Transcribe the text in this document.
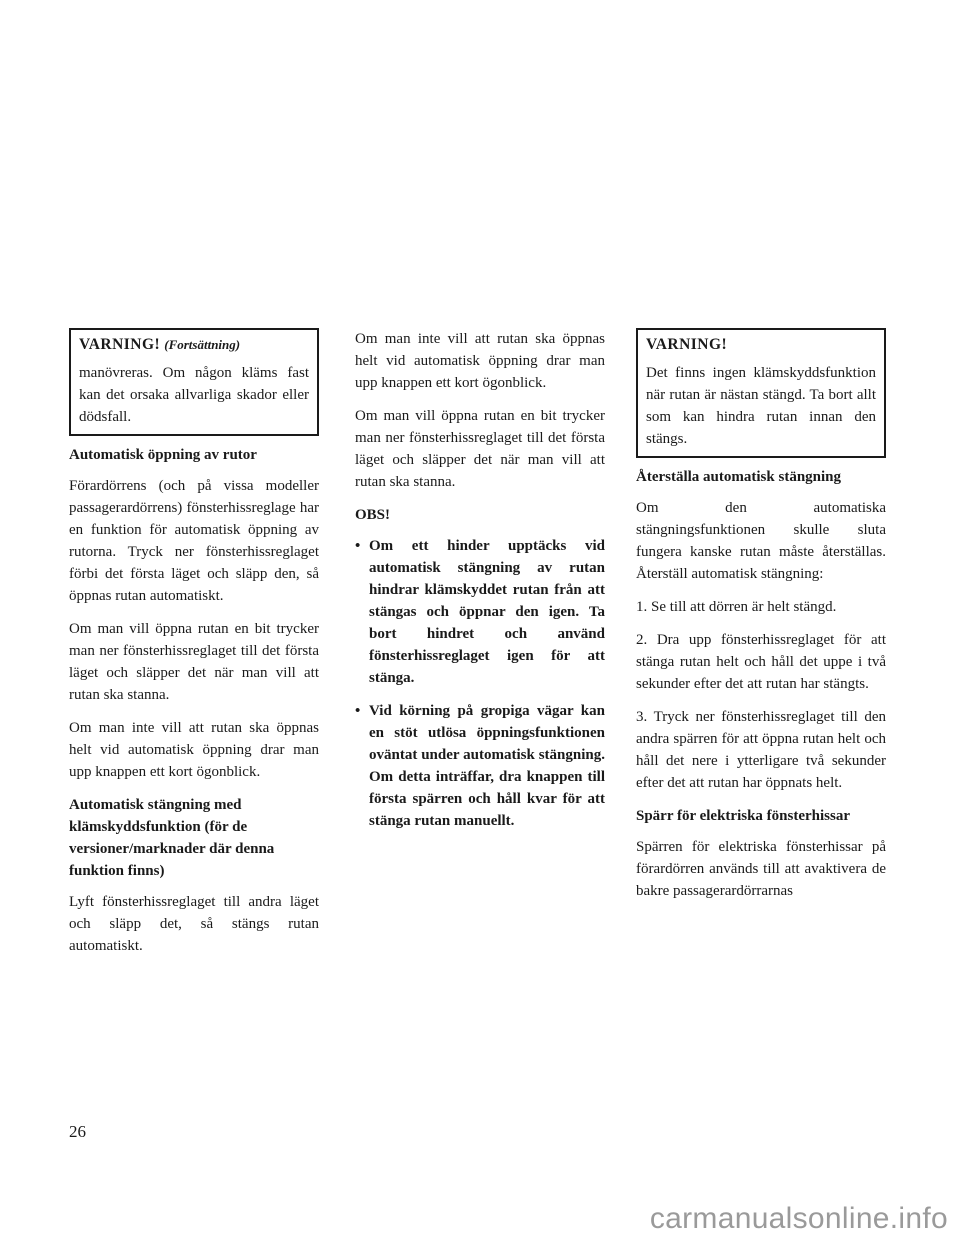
VARNING! (Fortsättning)

manövreras. Om någon kläms fast kan det orsaka allvarliga skador eller dödsfall.

Automatisk öppning av rutor

Förardörrens (och på vissa modeller passagerardörrens) fönsterhissreglage har en funktion för automatisk öppning av rutorna. Tryck ner fönsterhissreglaget förbi det första läget och släpp den, så öppnas rutan automatiskt.

Om man vill öppna rutan en bit trycker man ner fönsterhissreglaget till det första läget och släpper det när man vill att rutan ska stanna.

Om man inte vill att rutan ska öppnas helt vid automatisk öppning drar man upp knappen ett kort ögonblick.

Automatisk stängning med klämskyddsfunktion (för de versioner/marknader där denna funktion finns)

Lyft fönsterhissreglaget till andra läget och släpp det, så stängs rutan automatiskt.

Om man inte vill att rutan ska öppnas helt vid automatisk öppning drar man upp knappen ett kort ögonblick.

Om man vill öppna rutan en bit trycker man ner fönsterhissreglaget till det första läget och släpper det när man vill att rutan ska stanna.

OBS!

• Om ett hinder upptäcks vid automatisk stängning av rutan hindrar klämskyddet rutan från att stängas och öppnar den igen. Ta bort hindret och använd fönsterhissreglaget igen för att stänga.
• Vid körning på gropiga vägar kan en stöt utlösa öppningsfunktionen oväntat under automatisk stängning. Om detta inträffar, dra knappen till första spärren och håll kvar för att stänga rutan manuellt.
VARNING!

Det finns ingen klämskyddsfunktion när rutan är nästan stängd. Ta bort allt som kan hindra rutan innan den stängs.

Återställa automatisk stängning

Om den automatiska stängningsfunktionen skulle sluta fungera kanske rutan måste återställas. Återställ automatisk stängning:

1. Se till att dörren är helt stängd.

2. Dra upp fönsterhissreglaget för att stänga rutan helt och håll det uppe i två sekunder efter det att rutan har stängts.

3. Tryck ner fönsterhissreglaget till den andra spärren för att öppna rutan helt och håll det nere i ytterligare två sekunder efter det att rutan har öppnats helt.

Spärr för elektriska fönsterhissar

Spärren för elektriska fönsterhissar på förardörren används till att avaktivera de bakre passagerardörrarnas

26
carmanualsonline.info
